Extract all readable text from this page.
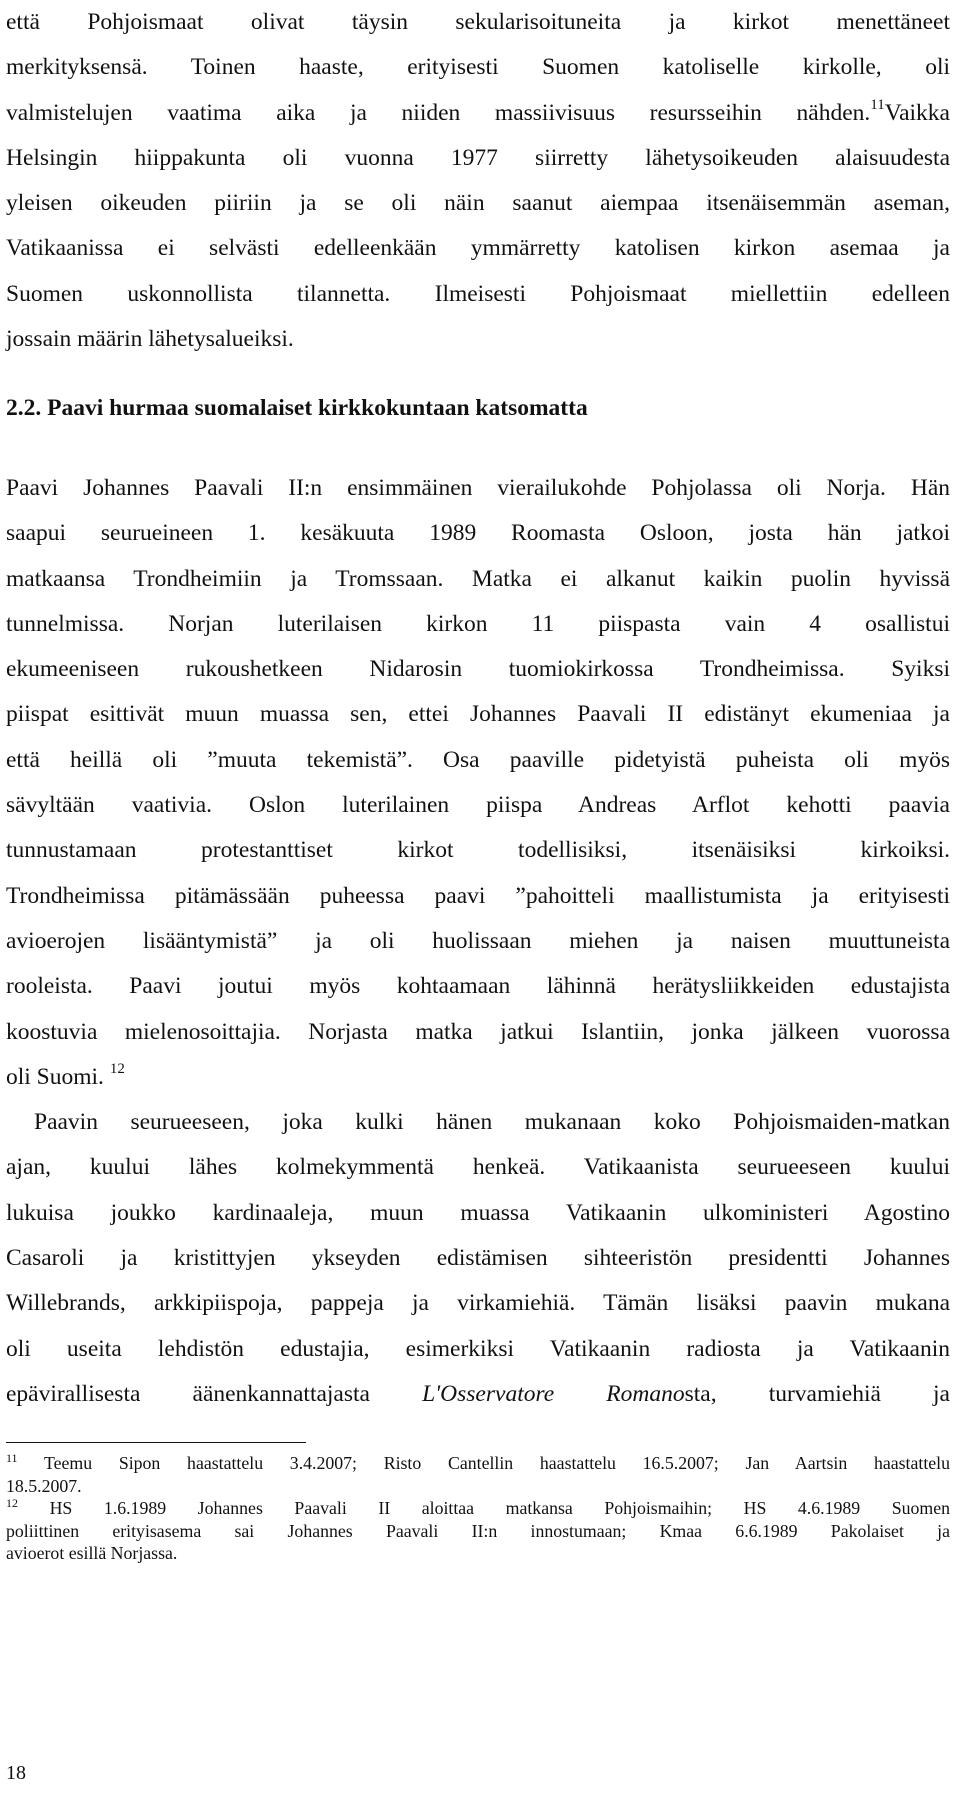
että Pohjoismaat olivat täysin sekularisoituneita ja kirkot menettäneet
merkityksensä. Toinen haaste, erityisesti Suomen katoliselle kirkolle, oli
valmistelujen vaatima aika ja niiden massiivisuus resursseihin nähden.$^{11}$Vaikka
Helsingin hiippakunta oli vuonna 1977 siirretty lähetysoikeuden alaisuudesta
yleisen oikeuden piiriin ja se oli näin saanut aiempaa itsenäisemmän aseman,
Vatikaanissa ei selvästi edelleenkään ymmärretty katolisen kirkon asemaa ja
Suomen uskonnollista tilannetta. Ilmeisesti Pohjoismaat miellettiin edelleen
jossain määrin lähetysalueiksi.
2.2. Paavi hurmaa suomalaiset kirkkokuntaan katsomatta
Paavi Johannes Paavali II:n ensimmäinen vierailukohde Pohjolassa oli Norja. Hän
saapui seurueineen 1. kesäkuuta 1989 Roomasta Osloon, josta hän jatkoi
matkaansa Trondheimiin ja Tromssaan. Matka ei alkanut kaikin puolin hyvissä
tunnelmissa. Norjan luterilaisen kirkon 11 piispasta vain 4 osallistui
ekumeeniseen rukoushetkeen Nidarosin tuomiokirkossa Trondheimissa. Syiksi
piispat esittivät muun muassa sen, ettei Johannes Paavali II edistänyt ekumeniaa ja
että heillä oli ”muuta tekemistä”. Osa paaville pidetyistä puheista oli myös
sävyltään vaativia. Oslon luterilainen piispa Andreas Arflot kehotti paavia
tunnustamaan protestanttiset kirkot todellisiksi, itsenäisiksi kirkoiksi.
Trondheimissa pitämässään puheessa paavi ”pahoitteli maallistumista ja erityisesti
avioerojen lisääntymistä” ja oli huolissaan miehen ja naisen muuttuneista
rooleista. Paavi joutui myös kohtaamaan lähinnä herätysliikkeiden edustajista
koostuvia mielenosoittajia. Norjasta matka jatkui Islantiin, jonka jälkeen vuorossa
oli Suomi. $^{12}$
Paavin seurueeseen, joka kulki hänen mukanaan koko Pohjoismaiden-matkan
ajan, kuului lähes kolmekymmentä henkeä. Vatikaanista seurueeseen kuului
lukuisa joukko kardinaaleja, muun muassa Vatikaanin ulkoministeri Agostino
Casaroli ja kristittyjen ykseyden edistämisen sihteeristön presidentti Johannes
Willebrands, arkkipiispoja, pappeja ja virkamiehiä. Tämän lisäksi paavin mukana
oli useita lehdistön edustajia, esimerkiksi Vatikaanin radiosta ja Vatikaanin
epävirallisesta äänenkannattajasta L'Osservatore Romanosta, turvamiehiä ja
$^{11}$ Teemu Sipon haastattelu 3.4.2007; Risto Cantellin haastattelu 16.5.2007; Jan Aartsin haastattelu
18.5.2007.
$^{12}$ HS 1.6.1989 Johannes Paavali II aloittaa matkansa Pohjoismaihin; HS 4.6.1989 Suomen
poliittinen erityisasema sai Johannes Paavali II:n innostumaan; Kmaa 6.6.1989 Pakolaiset ja
avioerot esillä Norjassa.
18
